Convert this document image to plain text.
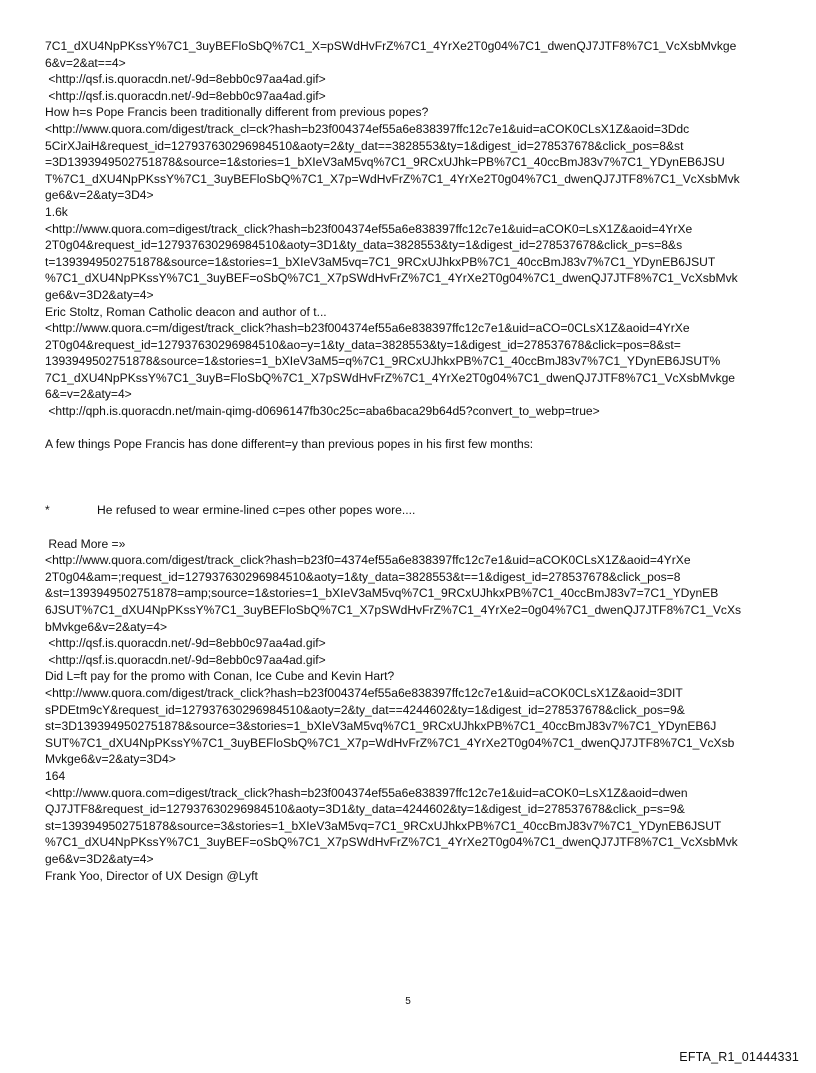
7C1_dXU4NpPKssY%7C1_3uyBEFloSbQ%7C1_X=pSWdHvFrZ%7C1_4YrXe2T0g04%7C1_dwenQJ7JTF8%7C1_VcXsbMvkge
6&v=2&at==4>
<http://qsf.is.quoracdn.net/-9d=8ebb0c97aa4ad.gif>
<http://qsf.is.quoracdn.net/-9d=8ebb0c97aa4ad.gif>
How h=s Pope Francis been traditionally different from previous popes?
<http://www.quora.com/digest/track_cl=ck?hash=b23f004374ef55a6e838397ffc12c7e1&uid=aCOK0CLsX1Z&aoid=3Ddc
5CirXJaiH&request_id=127937630296984510&aoty=2&ty_dat==3828553&ty=1&digest_id=278537678&click_pos=8&st
=3D1393949502751878&source=1&stories=1_bXIeV3aM5vq%7C1_9RCxUJhk=PB%7C1_40ccBmJ83v7%7C1_YDynEB6JSU
T%7C1_dXU4NpPKssY%7C1_3uyBEFloSbQ%7C1_X7p=WdHvFrZ%7C1_4YrXe2T0g04%7C1_dwenQJ7JTF8%7C1_VcXsbMvk
ge6&v=2&aty=3D4>
1.6k
<http://www.quora.com=digest/track_click?hash=b23f004374ef55a6e838397ffc12c7e1&uid=aCOK0=LsX1Z&aoid=4YrXe
2T0g04&request_id=127937630296984510&aoty=3D1&ty_data=3828553&ty=1&digest_id=278537678&click_p=s=8&s
t=1393949502751878&source=1&stories=1_bXIeV3aM5vq=7C1_9RCxUJhkxPB%7C1_40ccBmJ83v7%7C1_YDynEB6JSUT
%7C1_dXU4NpPKssY%7C1_3uyBEF=oSbQ%7C1_X7pSWdHvFrZ%7C1_4YrXe2T0g04%7C1_dwenQJ7JTF8%7C1_VcXsbMvk
ge6&v=3D2&aty=4>
Eric Stoltz, Roman Catholic deacon and author of t...
<http://www.quora.c=m/digest/track_click?hash=b23f004374ef55a6e838397ffc12c7e1&uid=aCO=0CLsX1Z&aoid=4YrXe
2T0g04&request_id=127937630296984510&ao=y=1&ty_data=3828553&ty=1&digest_id=278537678&click=pos=8&st=
1393949502751878&source=1&stories=1_bXIeV3aM5=q%7C1_9RCxUJhkxPB%7C1_40ccBmJ83v7%7C1_YDynEB6JSUT%
7C1_dXU4NpPKssY%7C1_3uyB=FloSbQ%7C1_X7pSWdHvFrZ%7C1_4YrXe2T0g04%7C1_dwenQJ7JTF8%7C1_VcXsbMvkge
6&=v=2&aty=4>
<http://qph.is.quoracdn.net/main-qimg-d0696147fb30c25c=aba6baca29b64d5?convert_to_webp=true>
A few things Pope Francis has done different=y than previous popes in his first few months:
*	He refused to wear ermine-lined c=pes other popes wore....
Read More =»
<http://www.quora.com/digest/track_click?hash=b23f0=4374ef55a6e838397ffc12c7e1&uid=aCOK0CLsX1Z&aoid=4YrXe
2T0g04&am=;request_id=127937630296984510&aoty=1&ty_data=3828553&t==1&digest_id=278537678&click_pos=8
&st=1393949502751878=amp;source=1&stories=1_bXIeV3aM5vq%7C1_9RCxUJhkxPB%7C1_40ccBmJ83v7=7C1_YDynEB
6JSUT%7C1_dXU4NpPKssY%7C1_3uyBEFloSbQ%7C1_X7pSWdHvFrZ%7C1_4YrXe2=0g04%7C1_dwenQJ7JTF8%7C1_VcXs
bMvkge6&v=2&aty=4>
<http://qsf.is.quoracdn.net/-9d=8ebb0c97aa4ad.gif>
<http://qsf.is.quoracdn.net/-9d=8ebb0c97aa4ad.gif>
Did L=ft pay for the promo with Conan, Ice Cube and Kevin Hart?
<http://www.quora.com/digest/track_click?hash=b23f004374ef55a6e838397ffc12c7e1&uid=aCOK0CLsX1Z&aoid=3DIT
sPDEtm9cY&request_id=127937630296984510&aoty=2&ty_dat==4244602&ty=1&digest_id=278537678&click_pos=9&
st=3D1393949502751878&source=3&stories=1_bXIeV3aM5vq%7C1_9RCxUJhkxPB%7C1_40ccBmJ83v7%7C1_YDynEB6J
SUT%7C1_dXU4NpPKssY%7C1_3uyBEFloSbQ%7C1_X7p=WdHvFrZ%7C1_4YrXe2T0g04%7C1_dwenQJ7JTF8%7C1_VcXsb
Mvkge6&v=2&aty=3D4>
164
<http://www.quora.com=digest/track_click?hash=b23f004374ef55a6e838397ffc12c7e1&uid=aCOK0=LsX1Z&aoid=dwen
QJ7JTF8&request_id=127937630296984510&aoty=3D1&ty_data=4244602&ty=1&digest_id=278537678&click_p=s=9&
st=1393949502751878&source=3&stories=1_bXIeV3aM5vq=7C1_9RCxUJhkxPB%7C1_40ccBmJ83v7%7C1_YDynEB6JSUT
%7C1_dXU4NpPKssY%7C1_3uyBEF=oSbQ%7C1_X7pSWdHvFrZ%7C1_4YrXe2T0g04%7C1_dwenQJ7JTF8%7C1_VcXsbMvk
ge6&v=3D2&aty=4>
Frank Yoo, Director of UX Design @Lyft
5
EFTA_R1_01444331
